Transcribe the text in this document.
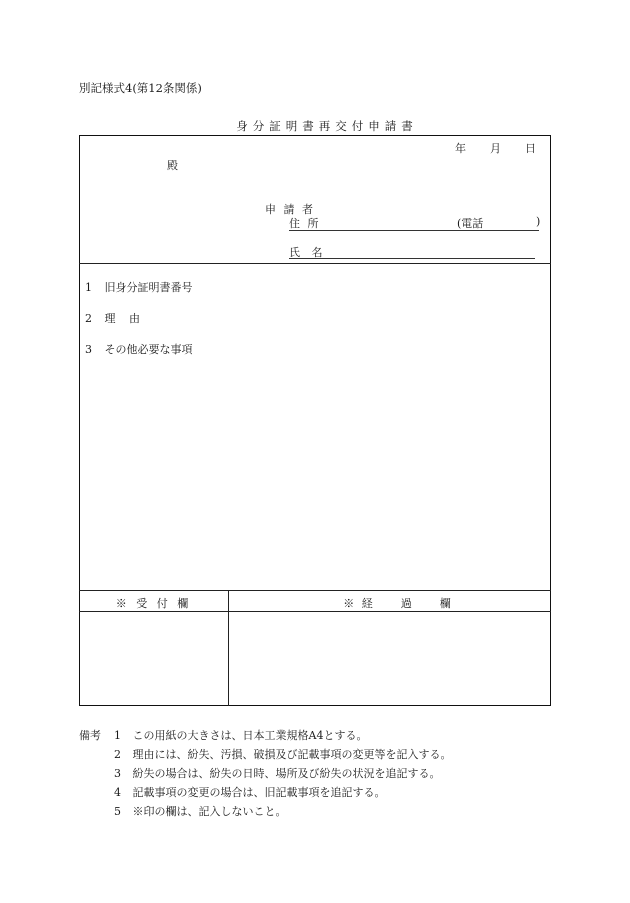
別記様式4(第12条関係)
身分証明書再交付申請書
年 月 日
殿
申 請 者
住 所	(電話	)
氏 名
1 旧身分証明書番号
2 理 由
3 その他必要な事項
※ 受 付 欄	※ 経　　過　　欄
備考 1 この用紙の大きさは、日本工業規格A4とする。
2 理由には、紛失、汚損、破損及び記載事項の変更等を記入する。
3 紛失の場合は、紛失の日時、場所及び紛失の状況を追記する。
4 記載事項の変更の場合は、旧記載事項を追記する。
5 ※印の欄は、記入しないこと。
